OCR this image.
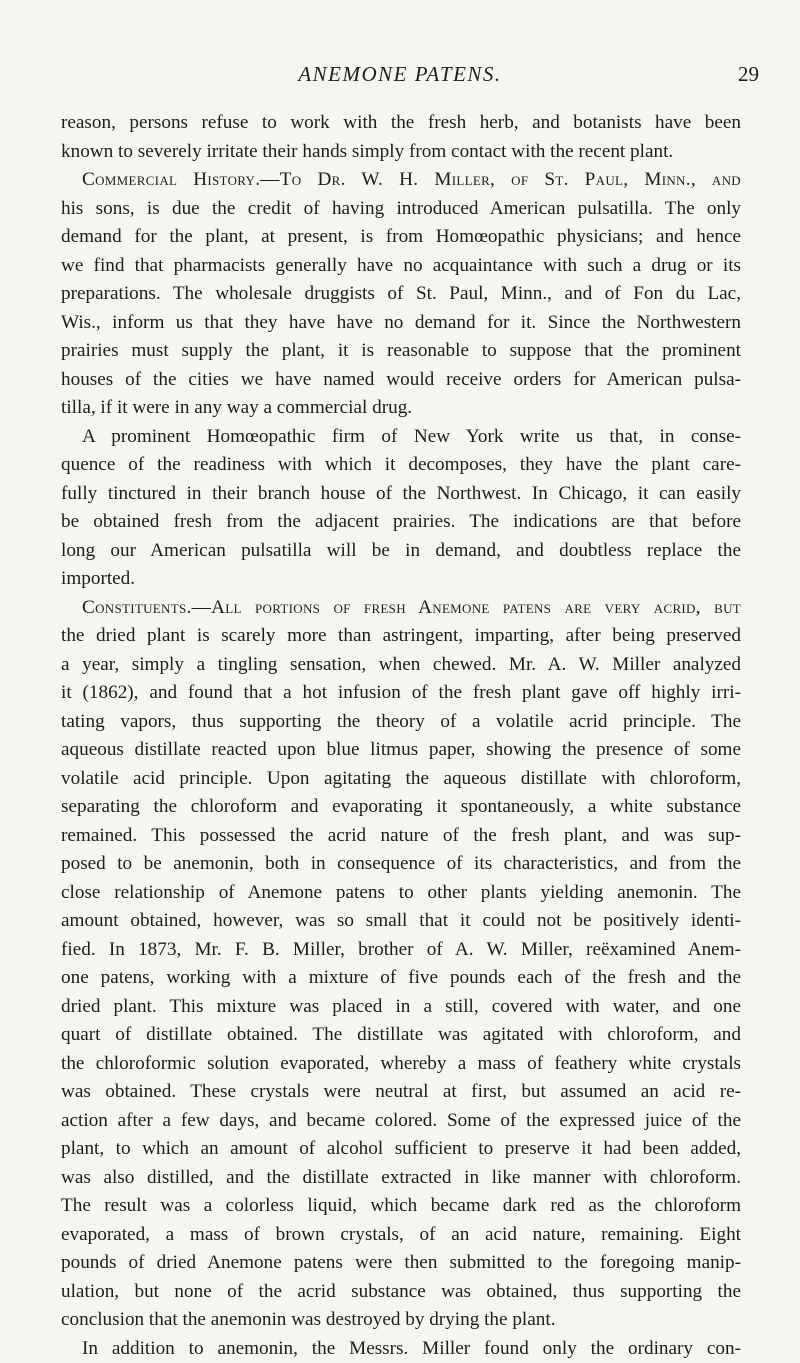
ANEMONE PATENS.	29
reason, persons refuse to work with the fresh herb, and botanists have been
known to severely irritate their hands simply from contact with the recent plant.
Commercial History.—To Dr. W. H. Miller, of St. Paul, Minn., and
his sons, is due the credit of having introduced American pulsatilla. The only
demand for the plant, at present, is from Homœopathic physicians; and hence
we find that pharmacists generally have no acquaintance with such a drug or its
preparations. The wholesale druggists of St. Paul, Minn., and of Fon du Lac,
Wis., inform us that they have have no demand for it. Since the Northwestern
prairies must supply the plant, it is reasonable to suppose that the prominent
houses of the cities we have named would receive orders for American pulsa-
tilla, if it were in any way a commercial drug.
A prominent Homœopathic firm of New York write us that, in conse-
quence of the readiness with which it decomposes, they have the plant care-
fully tinctured in their branch house of the Northwest. In Chicago, it can easily
be obtained fresh from the adjacent prairies. The indications are that before
long our American pulsatilla will be in demand, and doubtless replace the
imported.
Constituents.—All portions of fresh Anemone patens are very acrid, but
the dried plant is scarely more than astringent, imparting, after being preserved
a year, simply a tingling sensation, when chewed. Mr. A. W. Miller analyzed
it (1862), and found that a hot infusion of the fresh plant gave off highly irri-
tating vapors, thus supporting the theory of a volatile acrid principle. The
aqueous distillate reacted upon blue litmus paper, showing the presence of some
volatile acid principle. Upon agitating the aqueous distillate with chloroform,
separating the chloroform and evaporating it spontaneously, a white substance
remained. This possessed the acrid nature of the fresh plant, and was sup-
posed to be anemonin, both in consequence of its characteristics, and from the
close relationship of Anemone patens to other plants yielding anemonin. The
amount obtained, however, was so small that it could not be positively identi-
fied. In 1873, Mr. F. B. Miller, brother of A. W. Miller, reëxamined Anem-
one patens, working with a mixture of five pounds each of the fresh and the
dried plant. This mixture was placed in a still, covered with water, and one
quart of distillate obtained. The distillate was agitated with chloroform, and
the chloroformic solution evaporated, whereby a mass of feathery white crystals
was obtained. These crystals were neutral at first, but assumed an acid re-
action after a few days, and became colored. Some of the expressed juice of the
plant, to which an amount of alcohol sufficient to preserve it had been added,
was also distilled, and the distillate extracted in like manner with chloroform.
The result was a colorless liquid, which became dark red as the chloroform
evaporated, a mass of brown crystals, of an acid nature, remaining. Eight
pounds of dried Anemone patens were then submitted to the foregoing manip-
ulation, but none of the acrid substance was obtained, thus supporting the
conclusion that the anemonin was destroyed by drying the plant.
In addition to anemonin, the Messrs. Miller found only the ordinary con-
